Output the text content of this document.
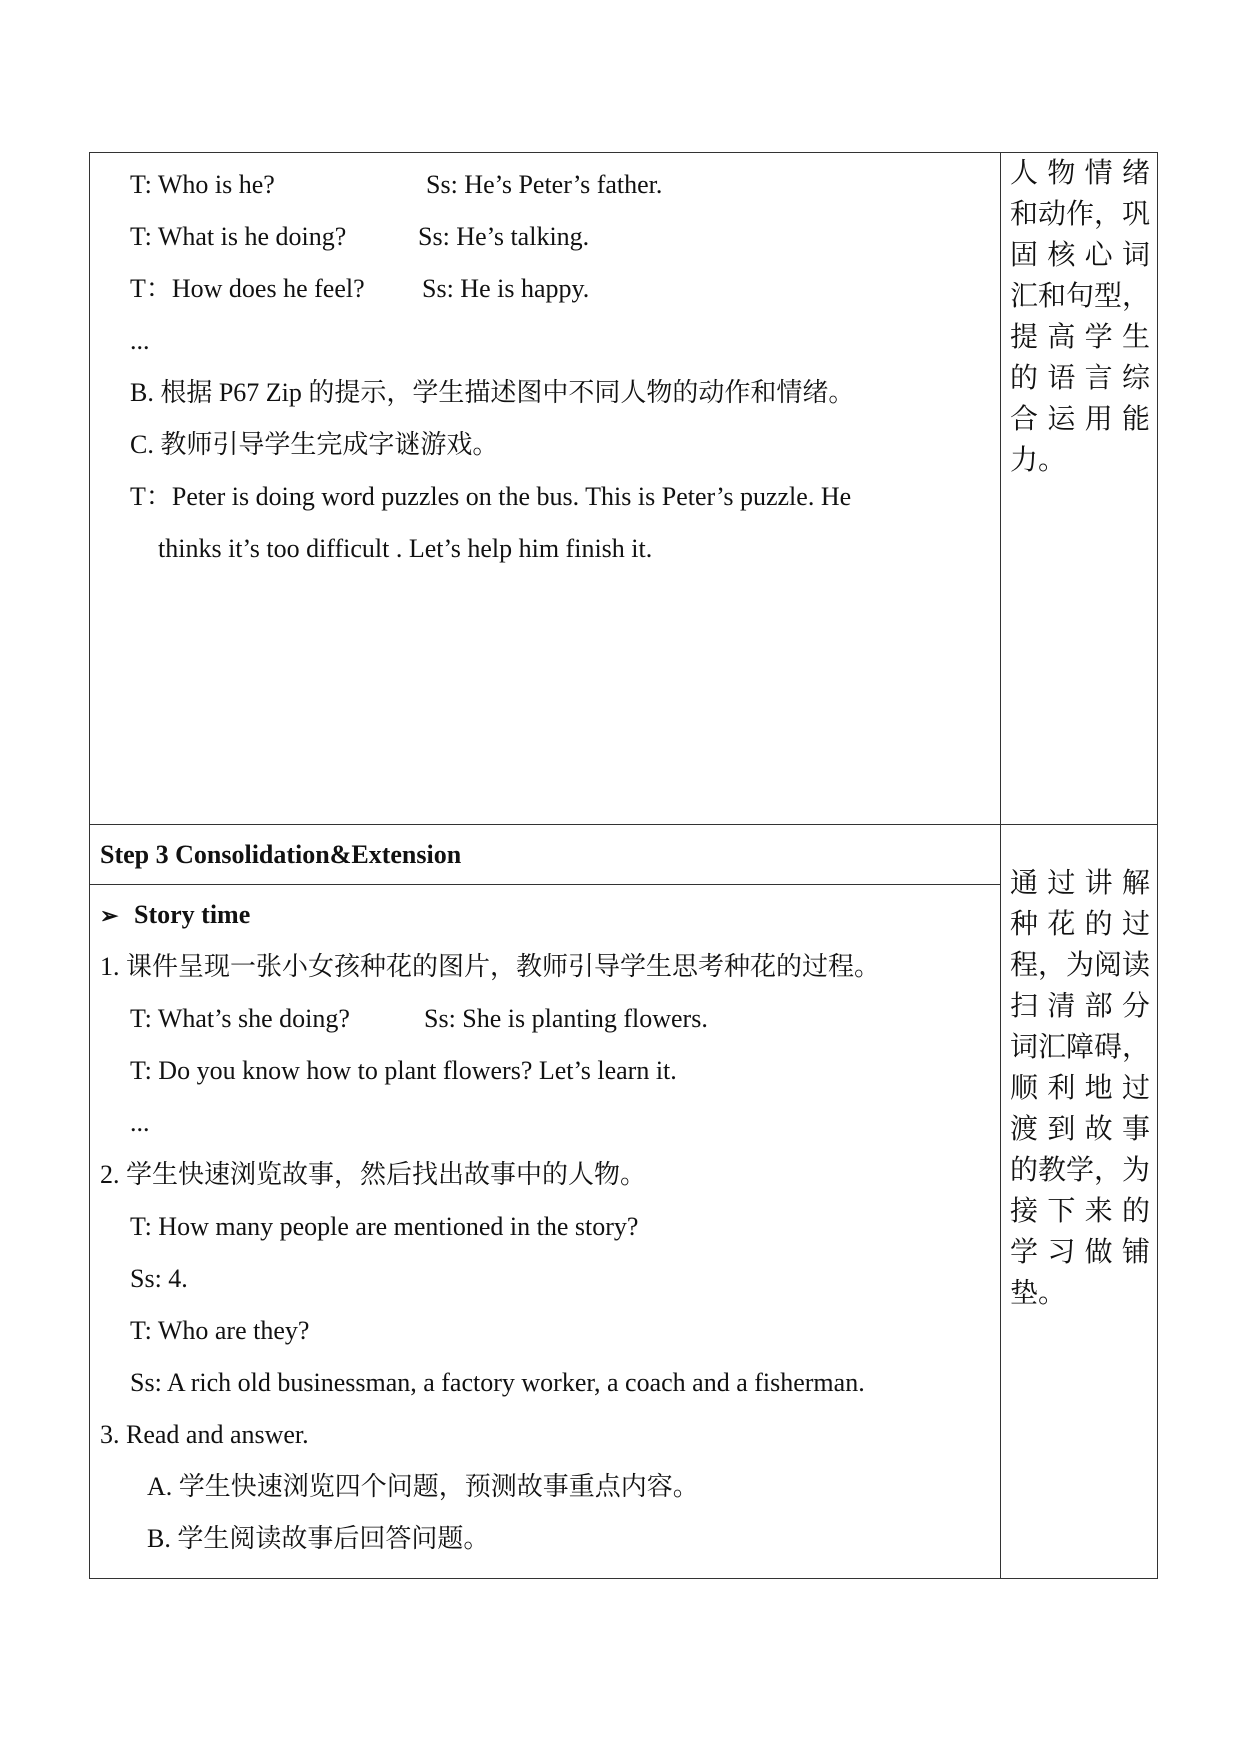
T: Who is he?	Ss: He’s Peter’s father.
T: What is he doing?	Ss: He’s talking.
T：How does he feel? Ss: He is happy.
...
B. 根据 P67 Zip 的提示，学生描述图中不同人物的动作和情绪。
C. 教师引导学生完成字谜游戏。
T：Peter is doing word puzzles on the bus. This is Peter’s puzzle. He
thinks it’s too difficult . Let’s help him finish it.
人物情绪
和动作，巩
固核心词
汇和句型，
提高学生
的语言综
合运用能
力。
Step 3 Consolidation&Extension
➢ Story time
1. 课件呈现一张小女孩种花的图片，教师引导学生思考种花的过程。
T: What’s she doing?	Ss: She is planting flowers.
T: Do you know how to plant flowers? Let’s learn it.
...
2. 学生快速浏览故事，然后找出故事中的人物。
T: How many people are mentioned in the story?
Ss: 4.
T: Who are they?
Ss: A rich old businessman, a factory worker, a coach and a fisherman.
3. Read and answer.
A. 学生快速浏览四个问题，预测故事重点内容。
B. 学生阅读故事后回答问题。
通过讲解
种花的过
程，为阅读
扫清部分
词汇障碍，
顺利地过
渡到故事
的教学，为
接下来的
学习做铺
垫。
